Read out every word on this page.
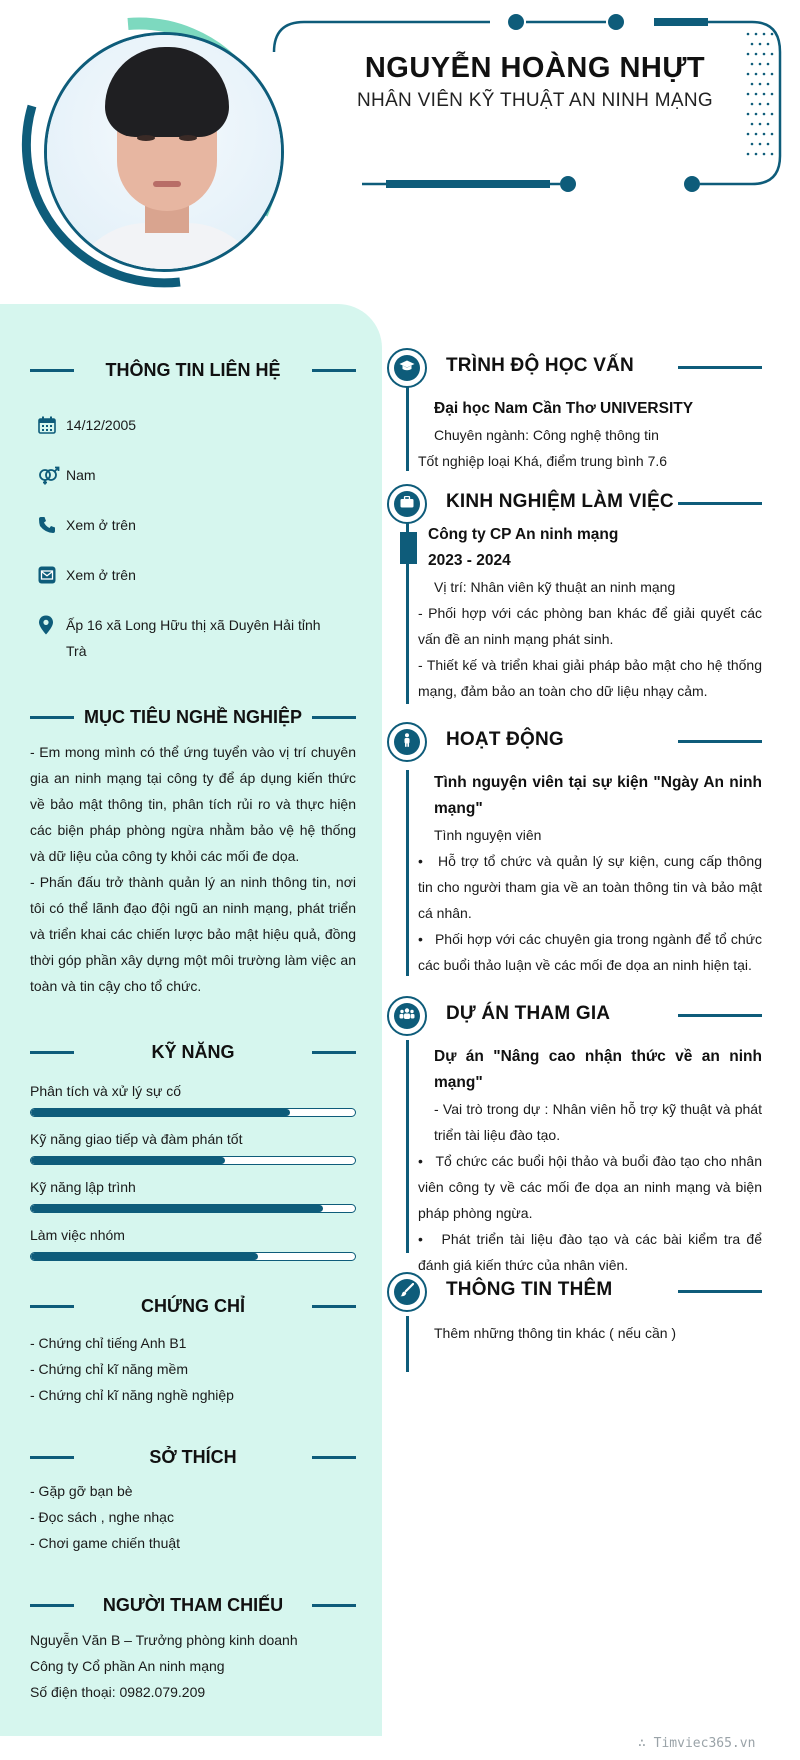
NGUYỄN HOÀNG NHỰT
NHÂN VIÊN KỸ THUẬT AN NINH MẠNG
THÔNG TIN LIÊN HỆ
14/12/2005
Nam
Xem ở trên
Xem ở trên
Ấp 16 xã Long Hữu thị xã Duyên Hải tỉnh Trà
MỤC TIÊU NGHỀ NGHIỆP
- Em mong mình có thể ứng tuyển vào vị trí chuyên gia an ninh mạng tại công ty để áp dụng kiến thức về bảo mật thông tin, phân tích rủi ro và thực hiện các biện pháp phòng ngừa nhằm bảo vệ hệ thống và dữ liệu của công ty khỏi các mối đe dọa.
- Phấn đấu trở thành quản lý an ninh thông tin, nơi tôi có thể lãnh đạo đội ngũ an ninh mạng, phát triển và triển khai các chiến lược bảo mật hiệu quả, đồng thời góp phần xây dựng một môi trường làm việc an toàn và tin cậy cho tổ chức.
KỸ NĂNG
Phân tích và xử lý sự cố
Kỹ năng giao tiếp và đàm phán tốt
Kỹ năng lập trình
Làm việc nhóm
CHỨNG CHỈ
- Chứng chỉ tiếng Anh B1
- Chứng chỉ kĩ năng mềm
- Chứng chỉ kĩ năng nghề nghiệp
SỞ THÍCH
- Gặp gỡ bạn bè
- Đọc sách , nghe nhạc
- Chơi game chiến thuật
NGƯỜI THAM CHIẾU
Nguyễn Văn B – Trưởng phòng kinh doanh
Công ty Cổ phần An ninh mạng
Số điện thoại: 0982.079.209
TRÌNH ĐỘ HỌC VẤN
Đại học Nam Cần Thơ UNIVERSITY
Chuyên ngành: Công nghệ thông tin
Tốt nghiệp loại Khá, điểm trung bình 7.6
KINH NGHIỆM LÀM VIỆC
Công ty CP An ninh mạng
2023 - 2024
Vị trí: Nhân viên kỹ thuật an ninh mạng
- Phối hợp với các phòng ban khác để giải quyết các vấn đề an ninh mạng phát sinh.
- Thiết kế và triển khai giải pháp bảo mật cho hệ thống mạng, đảm bảo an toàn cho dữ liệu nhạy cảm.
HOẠT ĐỘNG
Tình nguyện viên tại sự kiện "Ngày An ninh mạng"
Tình nguyện viên
•   Hỗ trợ tổ chức và quản lý sự kiện, cung cấp thông tin cho người tham gia về an toàn thông tin và bảo mật cá nhân.
•   Phối hợp với các chuyên gia trong ngành để tổ chức các buổi thảo luận về các mối đe dọa an ninh hiện tại.
DỰ ÁN THAM GIA
Dự án "Nâng cao nhận thức về an ninh mạng"
- Vai trò trong dự : Nhân viên hỗ trợ kỹ thuật và phát triển tài liệu đào tạo.
•   Tổ chức các buổi hội thảo và buổi đào tạo cho nhân viên công ty về các mối đe dọa an ninh mạng và biện pháp phòng ngừa.
•   Phát triển tài liệu đào tạo và các bài kiểm tra để đánh giá kiến thức của nhân viên.
THÔNG TIN THÊM
Thêm những thông tin khác ( nếu cần )
∴ Timviec365.vn
